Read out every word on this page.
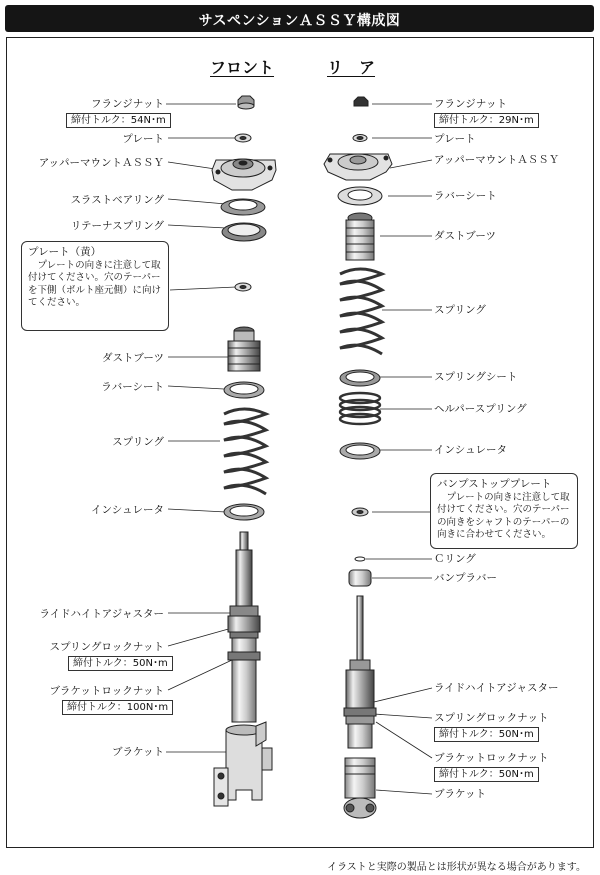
サスペンションＡＳＳＹ構成図
フロント	リ　ア
フランジナット
締付トルク：54N･m
プレート
アッパーマウントＡＳＳＹ
スラストベアリング
リテーナスプリング
プレート（黄）
プレートの向きに注意して取付けてください。穴のテーパーを下側（ボルト座元側）に向けてください。
ダストブーツ
ラバーシート
スプリング
インシュレータ
ライドハイトアジャスター
スプリングロックナット
締付トルク：50N･m
ブラケットロックナット
締付トルク：100N･m
ブラケット
フランジナット
締付トルク：29N･m
プレート
アッパーマウントＡＳＳＹ
ラバーシート
ダストブーツ
スプリング
スプリングシート
ヘルパースプリング
インシュレータ
バンプストッププレート
プレートの向きに注意して取付けてください。穴のテーパーの向きをシャフトのテーパーの向きに合わせてください。
Ｃリング
バンプラバー
ライドハイトアジャスター
スプリングロックナット
締付トルク：50N･m
ブラケットロックナット
締付トルク：50N･m
ブラケット
イラストと実際の製品とは形状が異なる場合があります。
